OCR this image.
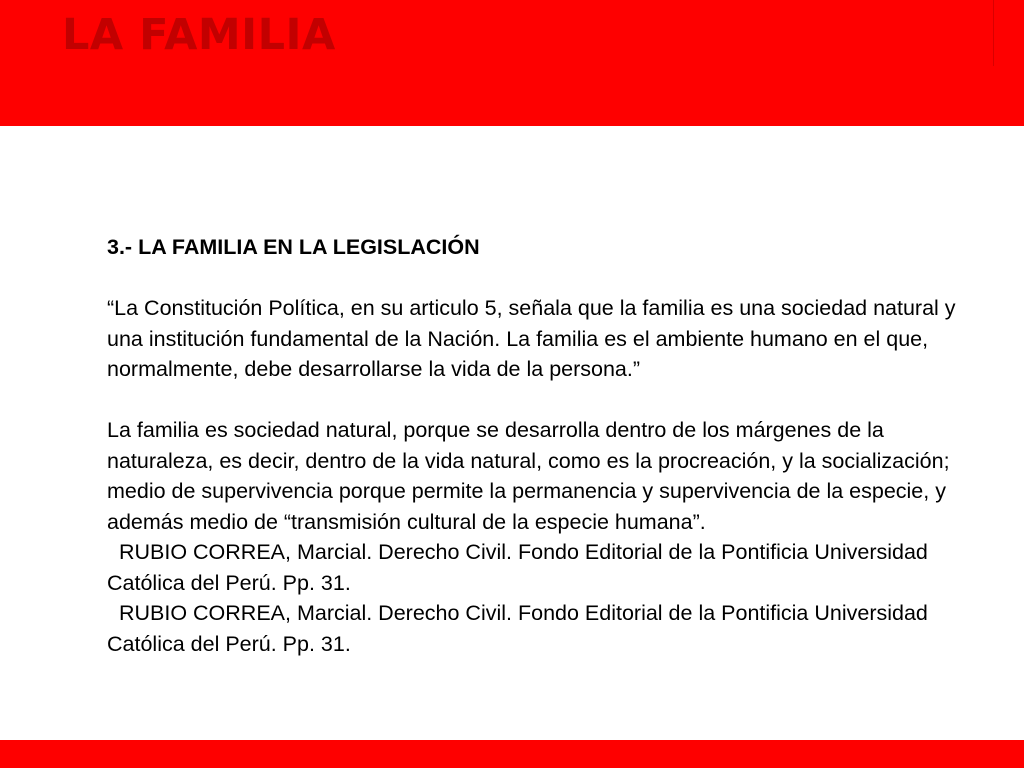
LA FAMILIA

3.- LA FAMILIA EN LA LEGISLACIÓN

“La Constitución Política, en su articulo 5, señala que la familia es una sociedad natural y una institución fundamental de la Nación. La familia es el ambiente humano en el que, normalmente, debe desarrollarse la vida de la persona.”

La familia es sociedad natural, porque se desarrolla dentro de los márgenes de la naturaleza, es decir, dentro de la vida natural, como es la procreación, y la socialización; medio de supervivencia porque permite la permanencia y supervivencia de la especie, y además medio de “transmisión cultural de la especie humana”.

RUBIO CORREA, Marcial. Derecho Civil. Fondo Editorial de la Pontificia Universidad Católica del Perú. Pp. 31.

RUBIO CORREA, Marcial. Derecho Civil. Fondo Editorial de la Pontificia Universidad Católica del Perú. Pp. 31.
